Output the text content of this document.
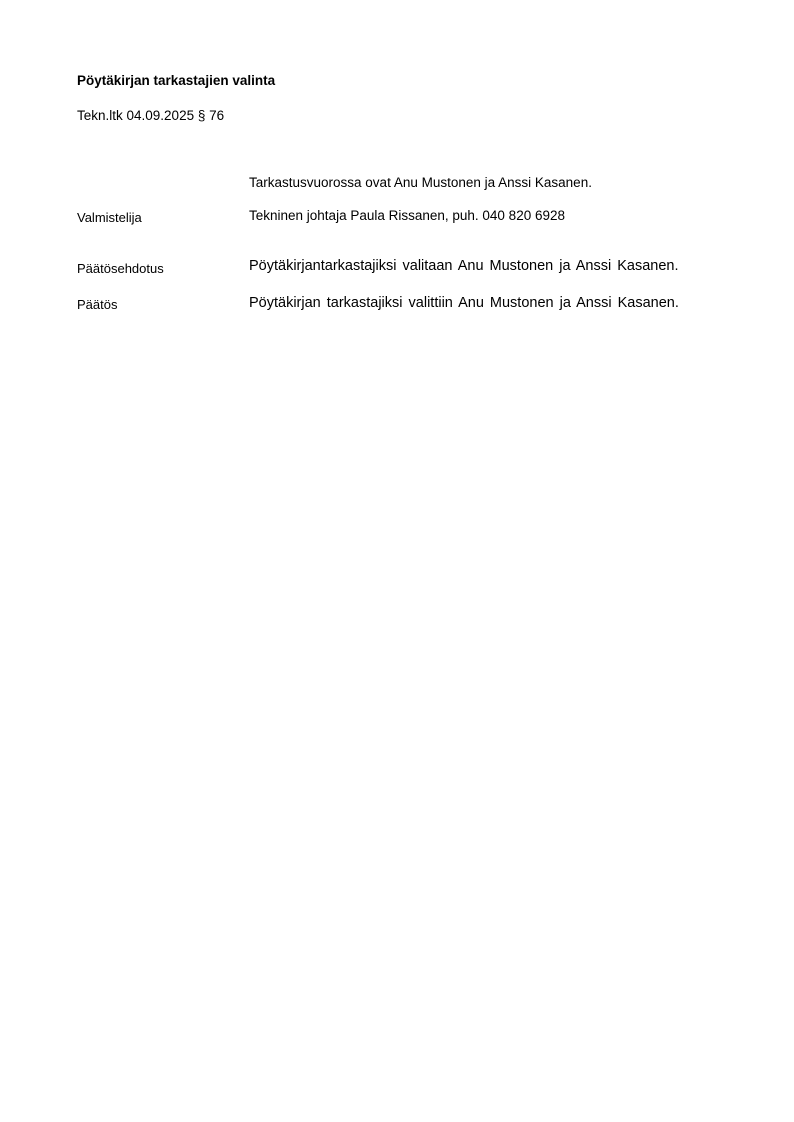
Pöytäkirjan tarkastajien valinta
Tekn.ltk 04.09.2025 § 76
Tarkastusvuorossa ovat Anu Mustonen ja Anssi Kasanen.
Valmistelija	Tekninen johtaja Paula Rissanen, puh. 040 820 6928
Päätösehdotus	Pöytäkirjantarkastajiksi valitaan Anu Mustonen ja Anssi Kasanen.
Päätös	Pöytäkirjan tarkastajiksi valittiin Anu Mustonen ja Anssi Kasanen.
